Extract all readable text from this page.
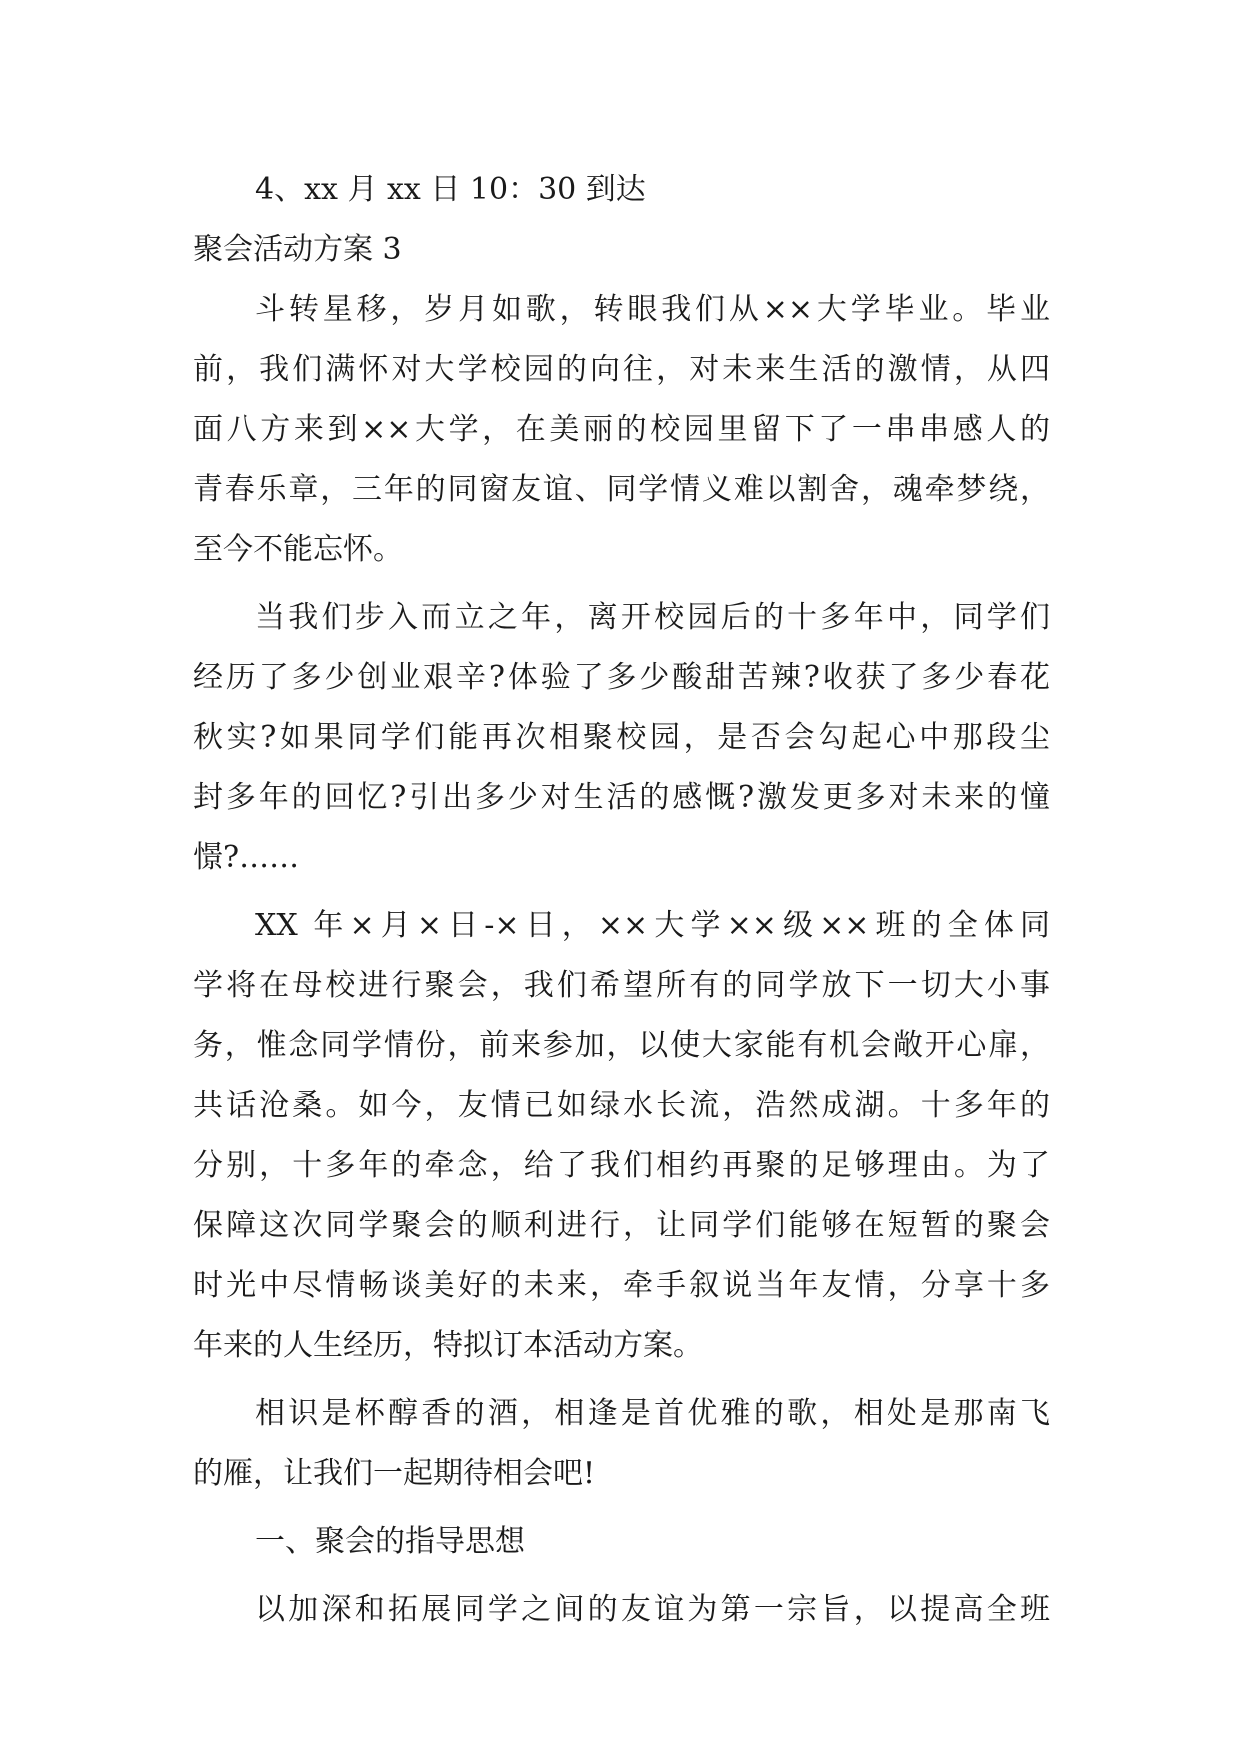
4、xx 月 xx 日 10：30 到达
聚会活动方案 3
斗转星移，岁月如歌，转眼我们从××大学毕业。毕业
前，我们满怀对大学校园的向往，对未来生活的激情，从四
面八方来到××大学，在美丽的校园里留下了一串串感人的
青春乐章，三年的同窗友谊、同学情义难以割舍，魂牵梦绕，
至今不能忘怀。
当我们步入而立之年，离开校园后的十多年中，同学们
经历了多少创业艰辛?体验了多少酸甜苦辣?收获了多少春花
秋实?如果同学们能再次相聚校园，是否会勾起心中那段尘
封多年的回忆?引出多少对生活的感慨?激发更多对未来的憧
憬?……
XX 年×月×日-×日，××大学××级××班的全体同
学将在母校进行聚会，我们希望所有的同学放下一切大小事
务，惟念同学情份，前来参加，以使大家能有机会敞开心扉，
共话沧桑。如今，友情已如绿水长流，浩然成湖。十多年的
分别，十多年的牵念，给了我们相约再聚的足够理由。为了
保障这次同学聚会的顺利进行，让同学们能够在短暂的聚会
时光中尽情畅谈美好的未来，牵手叙说当年友情，分享十多
年来的人生经历，特拟订本活动方案。
相识是杯醇香的酒，相逢是首优雅的歌，相处是那南飞
的雁，让我们一起期待相会吧!
一、聚会的指导思想
以加深和拓展同学之间的友谊为第一宗旨，以提高全班
